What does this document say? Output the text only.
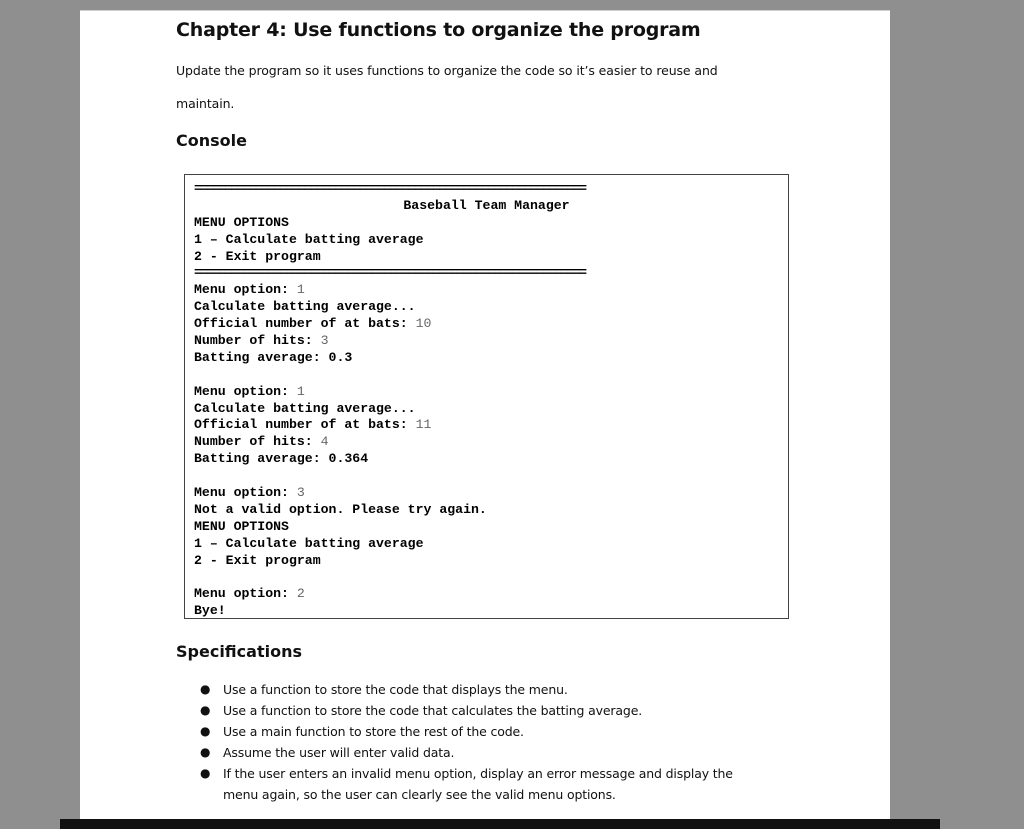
Chapter 4: Use functions to organize the program
Update the program so it uses functions to organize the code so it’s easier to reuse and
maintain.
Console
================================================================
Baseball Team Manager
MENU OPTIONS
1 – Calculate batting average
2 - Exit program
================================================================
Menu option: 1
Calculate batting average...
Official number of at bats: 10
Number of hits: 3
Batting average: 0.3
Menu option: 1
Calculate batting average...
Official number of at bats: 11
Number of hits: 4
Batting average: 0.364
Menu option: 3
Not a valid option. Please try again.
MENU OPTIONS
1 – Calculate batting average
2 - Exit program
Menu option: 2
Bye!
Specifications
● Use a function to store the code that displays the menu.
● Use a function to store the code that calculates the batting average.
● Use a main function to store the rest of the code.
● Assume the user will enter valid data.
● If the user enters an invalid menu option, display an error message and display the menu again, so the user can clearly see the valid menu options.
